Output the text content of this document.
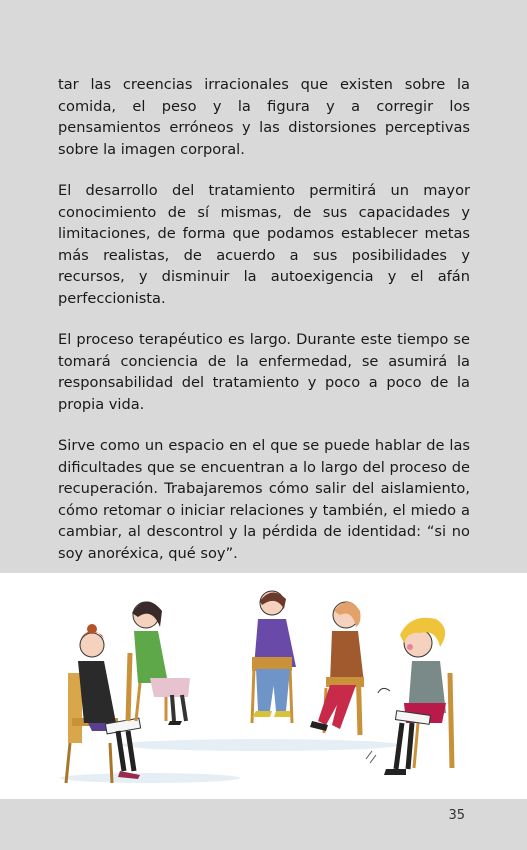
tar las creencias irracionales que existen sobre la comida, el peso y la figura y a corregir los pensamientos erróneos y las distorsiones perceptivas sobre la imagen corporal.

El desarrollo del tratamiento permitirá un mayor conocimiento de sí mismas, de sus capacidades y limitaciones, de forma que podamos establecer metas más realistas, de acuerdo a sus posibilidades y recursos, y disminuir la autoexigencia y el afán perfeccionista.

El proceso terapéutico es largo. Durante este tiempo se tomará conciencia de la enfermedad, se asumirá la responsabilidad del tratamiento y poco a poco de la propia vida.

Sirve como un espacio en el que se puede hablar de las dificultades que se encuentran a lo largo del proceso de recuperación. Trabajaremos cómo salir del aislamiento, cómo retomar o iniciar relaciones y también, el miedo a cambiar, al descontrol y la pérdida de identidad: “si no soy anoréxica, qué soy”.

35
